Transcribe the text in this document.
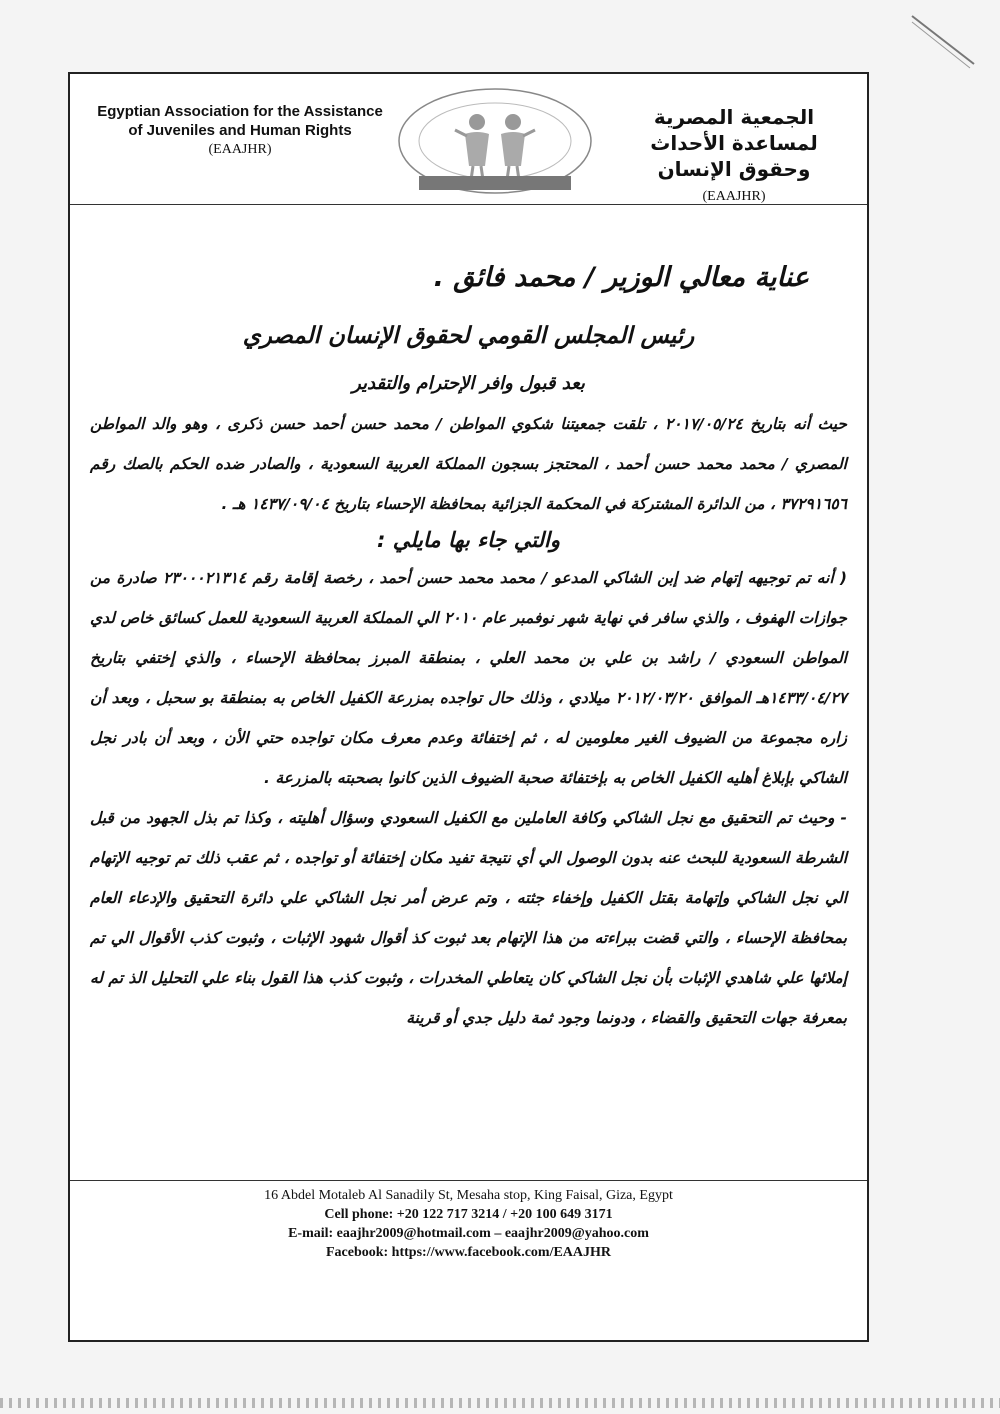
Egyptian Association for the Assistance of Juveniles and Human Rights
(EAAJHR)
الجمعية المصرية لمساعدة الأحداث وحقوق الإنسان
(EAAJHR)

عناية معالي الوزير / محمد فائق .

رئيس المجلس القومي لحقوق الإنسان المصري

بعد قبول وافر الإحترام والتقدير

حيث أنه بتاريخ ٢٠١٧/٠٥/٢٤ ، تلقت جمعيتنا شكوي المواطن / محمد حسن أحمد حسن ذكرى ، وهو والد المواطن المصري / محمد محمد حسن أحمد ، المحتجز بسجون المملكة العربية السعودية ، والصادر ضده الحكم بالصك رقم ٣٧٢٩١٦٥٦ ، من الدائرة المشتركة في المحكمة الجزائية بمحافظة الإحساء بتاريخ ١٤٣٧/٠٩/٠٤ هـ .

والتي جاء بها مايلي :

( أنه تم توجيهه إتهام ضد إبن الشاكي المدعو / محمد محمد حسن أحمد ، رخصة إقامة رقم ٢٣٠٠٠٢١٣١٤ صادرة من جوازات الهفوف ، والذي سافر في نهاية شهر نوفمبر عام ٢٠١٠ الي المملكة العربية السعودية للعمل كسائق خاص لدي المواطن السعودي / راشد بن علي بن محمد العلي ، بمنطقة المبرز بمحافظة الإحساء ، والذي إختفي بتاريخ ١٤٣٣/٠٤/٢٧هـ الموافق ٢٠١٢/٠٣/٢٠ ميلادي ، وذلك حال تواجده بمزرعة الكفيل الخاص به بمنطقة بو سحبل ، وبعد أن زاره مجموعة من الضيوف الغير معلومين له ، ثم إختفائة وعدم معرف مكان تواجده حتي الأن ، وبعد أن بادر نجل الشاكي بإبلاغ أهليه الكفيل الخاص به بإختفائة صحبة الضيوف الذين كانوا بصحبته بالمزرعة .

- وحيث تم التحقيق مع نجل الشاكي وكافة العاملين مع الكفيل السعودي وسؤال أهليته ، وكذا تم بذل الجهود من قبل الشرطة السعودية للبحث عنه بدون الوصول الي أي نتيجة تفيد مكان إختفائة أو تواجده ، ثم عقب ذلك تم توجيه الإتهام الي نجل الشاكي وإتهامة بقتل الكفيل وإخفاء جثته ، وتم عرض أمر نجل الشاكي علي دائرة التحقيق والإدعاء العام بمحافظة الإحساء ، والتي قضت ببراءته من هذا الإتهام بعد ثبوت كذ أقوال شهود الإثبات ، وثبوت كذب الأقوال الي تم إملائها علي شاهدي الإثبات بأن نجل الشاكي كان يتعاطي المخدرات ، وثبوت كذب هذا القول بناء علي التحليل الذ تم له بمعرفة جهات التحقيق والقضاء ، ودونما وجود ثمة دليل جدي أو قرينة

16 Abdel Motaleb Al Sanadily St, Mesaha stop, King Faisal, Giza, Egypt
Cell phone: +20 122 717 3214 / +20 100 649 3171
E-mail: eaajhr2009@hotmail.com – eaajhr2009@yahoo.com
Facebook: https://www.facebook.com/EAAJHR
